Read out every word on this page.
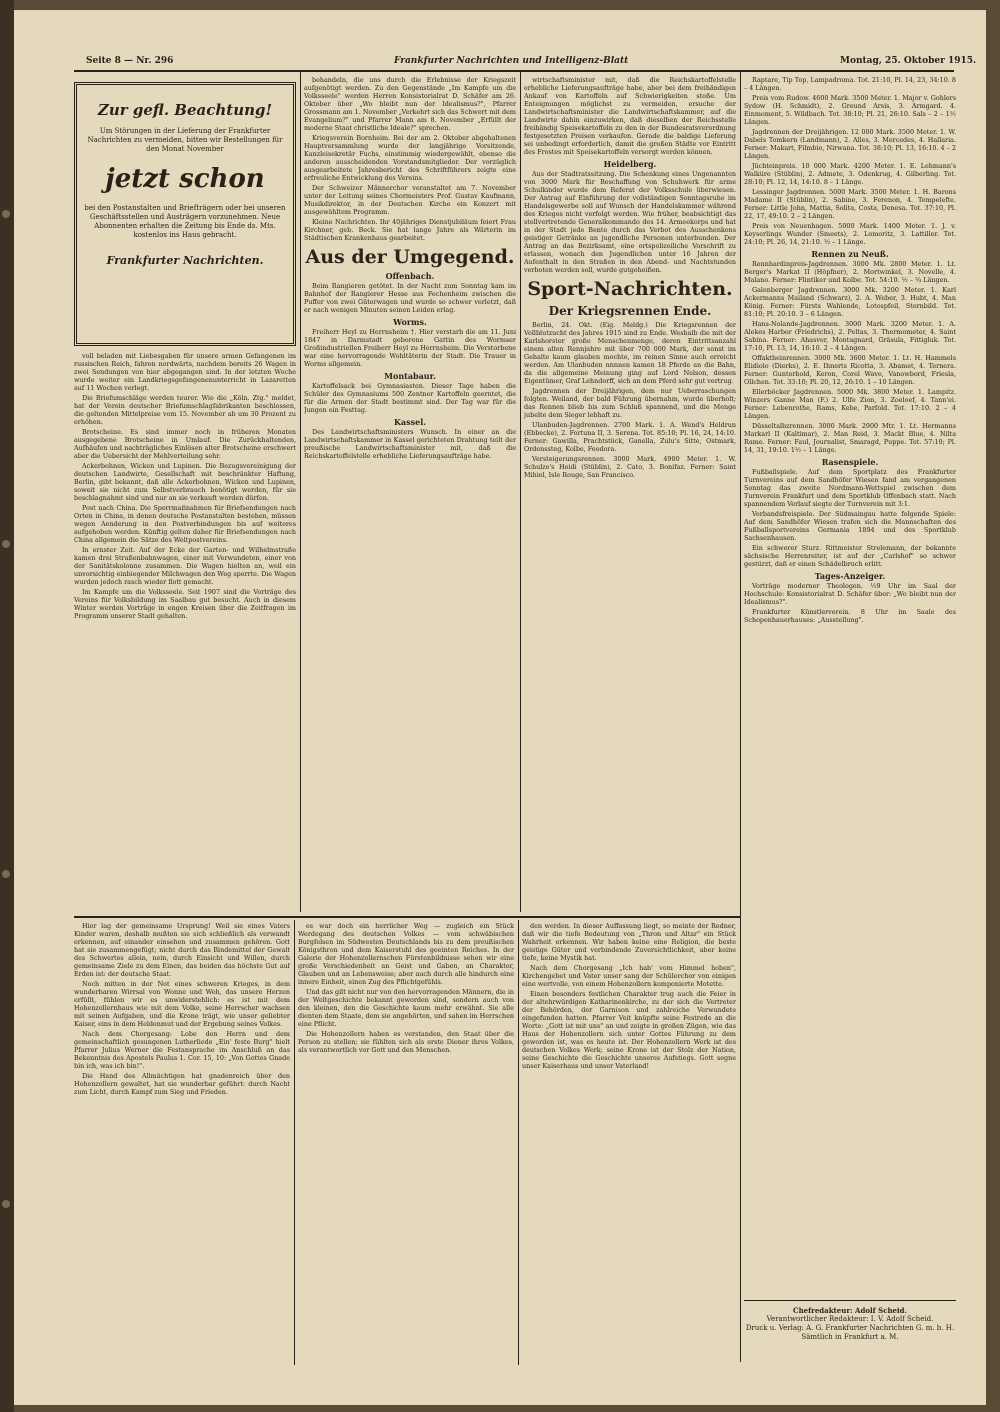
Seite 8 — Nr. 296	Frankfurter Nachrichten und Intelligenz-Blatt	Montag, 25. Oktober 1915.
Zur gefl. Beachtung!
Um Störungen in der Lieferung der Frankfurter Nachrichten zu vermeiden, bitten wir Bestellungen für den Monat November
jetzt schon
bei den Postanstalten und Briefträgern oder bei unseren Geschäftsstellen und Austrägern vorzunehmen. Neue Abonnenten erhalten die Zeitung bis Ende ds. Mts. kostenlos ins Haus gebracht.
Frankfurter Nachrichten.

voll beladen mit Liebesgaben für unsere armen Gefangenen im russischen Reich, fahren nordwärts, nachdem bereits 26 Wagen in zwei Sendungen von hier abgegangen sind. In der letzten Woche wurde weiter ein Landkriegsgefangenenunterricht in Lazaretten auf 11 Wochen verlegt.

Die Briefumschläge werden teurer. Wie die „Köln. Ztg." meldet, hat der Verein deutscher Briefumschlagfabrikanten beschlossen, die geltenden Mittelpreise vom 15. November ab um 30 Prozent zu erhöhen.

Brotscheine. Es sind immer noch in früheren Monaten ausgegebene Brotscheine in Umlauf. Die Zurückhaltenden, Aufhäufen und nachträgliches Einlösen alter Brotscheine erschwert aber die Uebersicht der Mehlverteilung sehr.

Ackerbohnen, Wicken und Lupinen. Die Bezugsvereinigung der deutschen Landwirte, Gesellschaft mit beschränkter Haftung, Berlin, gibt bekannt, daß alle Ackerbohnen, Wicken und Lupinen, soweit sie nicht zum Selbstverbrauch benötigt werden, für sie beschlagnahmt sind und nur an sie verkauft werden dürfen.

Post nach China. Die Sperrmaßnahmen für Briefsendungen nach Orten in China, in denen deutsche Postanstalten bestehen, müssen wegen Aenderung in den Postverbindungen bis auf weiteres aufgehoben werden. Künftig gelten daher für Briefsendungen nach China allgemein die Sätze des Weltpostvereins.

In ernster Zeit. Auf der Ecke der Garten- und Wilhelmstraße kamen drei Straßenbahnwagen, einer mit Verwundeten, einer von der Sanitätskolonne zusammen. Die Wagen hielten an, weil ein unvorsichtig einbiegender Milchwagen den Weg sperrte. Die Wagen wurden jedoch rasch wieder flott gemacht.

Im Kampfe um die Volksseele. Seit 1907 sind die Vorträge des Vereins für Volksbildung im Saalbau gut besucht. Auch in diesem Winter werden Vorträge in engen Kreisen über die Zeitfragen im Programm unserer Stadt gehalten.

behandeln, die uns durch die Erlebnisse der Kriegszeit aufgenötigt werden. Zu den Gegenstände „Im Kampfe um die Volksseele" werden Herren Konsistorialrat D. Schäfer am 26. Oktober über „Wo bleibt nun der Idealismus?", Pfarrer Grossmann am 1. November „Verkehrt sich das Schwert mit dem Evangelium?" und Pfarrer Mann am 8. November „Erfüllt der moderne Staat christliche Ideale?" sprechen.

Kriegsverein Bornheim. Bei der am 2. Oktober abgehaltenen Hauptversammlung wurde der langjährige Vorsitzende, Kanzleisekretär Fuchs, einstimmig wiedergewählt, ebenso die anderen ausscheidenden Vorstandsmitglieder. Der vorzüglich ausgearbeitete Jahresbericht des Schriftführers zeigte eine erfreuliche Entwicklung des Vereins.

Der Schweizer Männerchor veranstaltet am 7. November unter der Leitung seines Chormeisters Prof. Gustav Kaufmann, Musikdirektor, in der Deutschen Kirche ein Konzert mit ausgewähltem Programm.

Kleine Nachrichten. Ihr 40jähriges Dienstjubiläum feiert Frau Kirchner, geb. Beck. Sie hat lange Jahre als Wärterin im Städtischen Krankenhaus gearbeitet.

Aus der Umgegend.
Offenbach.

Beim Rangieren getötet. In der Nacht zum Sonntag kam im Bahnhof der Rangierer Hesse aus Fechenheim zwischen die Puffer von zwei Güterwagen und wurde so schwer verletzt, daß er nach wenigen Minuten seinen Leiden erlag.

Worms.

Freiherr Heyl zu Herrnsheim †. Hier verstarb die am 11. Juni 1847 in Darmstadt geborene Gattin des Wormser Großindustriellen Freiherr Heyl zu Herrnsheim. Die Verstorbene war eine hervorragende Wohltäterin der Stadt. Die Trauer in Worms allgemein.

Montabaur.

Kartoffelsack bei Gymnasiasten. Dieser Tage haben die Schüler des Gymnasiums 500 Zentner Kartoffeln geerntet, die für die Armen der Stadt bestimmt sind. Der Tag war für die Jungen ein Festtag.

Kassel.

Des Landwirtschaftsministers Wunsch. In einer an die Landwirtschaftskammer in Kassel gerichteten Drahtung teilt der preußische Landwirtschaftsminister mit, daß die Reichskartoffelstelle erhebliche Lieferungsaufträge habe.

wirtschaftsminister mit, daß die Reichskartoffelstelle erhebliche Lieferungsaufträge habe, aber bei dem freihändigen Ankauf von Kartoffeln auf Schwierigkeiten stoße. Um Enteignungen möglichst zu vermeiden, ersuche der Landwirtschaftsminister die Landwirtschaftskammer, auf die Landwirte dahin einzuwirken, daß dieselben der Reichsstelle freihändig Speisekartoffeln zu den in der Bundesratsverordnung festgesetzten Preisen verkaufen. Gerade die baldige Lieferung sei unbedingt erforderlich, damit die großen Städte vor Eintritt des Frostes mit Speisekartoffeln versorgt werden können.

Heidelberg.

Aus der Stadtratssitzung. Die Schenkung eines Ungenannten von 3000 Mark für Beschaffung von Schuhwerk für arme Schulkinder wurde dem Referat der Volksschule überwiesen. Der Antrag auf Einführung der vollständigen Sonntagsruhe im Handelsgewerbe soll auf Wunsch der Handelskammer während des Krieges nicht verfolgt werden. Wie früher, beabsichtigt das stellvertretende Generalkommando des 14. Armeekorps und hat in der Stadt jede Bente durch das Verbot des Ausschenkens geistiger Getränke an jugendliche Personen unterbunden. Der Antrag an das Bezirksamt, eine ortspolizeiliche Vorschrift zu erlassen, wonach den Jugendlichen unter 16 Jahren der Aufenthalt in den Straßen in den Abend- und Nachtstunden verboten werden soll, wurde gutgeheißen.

Sport-Nachrichten.
Der Kriegsrennen Ende.

Berlin, 24. Okt. (Eig. Meldg.) Die Kriegsrennen der Vollblutzucht des Jahres 1915 sind zu Ende. Weshalb die mit der Karlshorster große Menschenmenge, deren Eintrittsanzahl einem alten Rennjahre mit über 700 000 Mark, der sonst im Gehalte kaum glauben mochte, im reinen Sinne auch erreicht werden. Am Ulanbuden nnnnen kamen 18 Pferde an die Bahn, da die allgemeine Meinung ging auf Lord Nelson, dessen Eigentümer, Graf Lehndorff, sich an dem Pferd sehr gut vertrug.

Jagdrennen der Dreijährigen, dem nur Ueberraschungen folgten. Weiland, der bald Führung übernahm, wurde überholt; das Rennen blieb bis zum Schluß spannend, und die Menge jubelte dem Sieger lebhaft zu.

Ulanbuden-Jagdrennen. 2700 Mark. 1. A. Wend's Heldrun (Ebbecke), 2. Fortuna II, 3. Serena. Tot. 85:10; Pl. 16, 24, 14:10. Ferner: Gawilla, Prachtstück, Ganella, Zulu's Sitte, Ostmark, Ordenssteg, Kolbe, Feodora.

Versteigerungsrennen. 3000 Mark. 4900 Meter. 1. W. Schulze's Heidi (Stüblin), 2. Cato, 3. Bonifaz. Ferner: Saint Mihiel, Isle Rouge, San Francisco.

Raptare, Tip Top, Lampadroma. Tot. 21:10, Pl. 14, 23, 34:10. 8 – 4 Längen.

Preis vom Rudow. 4600 Mark. 3500 Meter. 1. Major v. Gohlers Sydow (H. Schmidt), 2. Greund Arsis, 3. Armgard. 4. Einmoment, 5. Wildbach. Tot. 38:10; Pl. 21, 26:10. Sals – 2 – 1½ Längen.

Jagdrennen der Dreijährigen. 12 000 Mark. 3500 Meter. 1. W. Dabels Tomkern (Landmann), 2. Alles, 3. Mercedes, 4. Hallaria. Ferner: Makart, Filmbio, Nirwana. Tot. 38:10; Pl. 13, 16:10. 4 – 2 Längen.

Jüchteinpreis. 10 000 Mark. 4200 Meter. 1. E. Lehmann's Walküre (Stüblin), 2. Admete, 3. Odenkrug, 4. Gilberling. Tot. 28:10; Pl. 12, 14, 14:10. 8 – 1 Länge.

Lessinger Jagdrennen. 5000 Mark. 3500 Meter. 1. H. Barons Madame II (Stüblin), 2. Sabine, 3. Ferenon, 4. Tempelefte. Ferner: Little John, Mattia, Solita, Costa, Denesa. Tot. 37:10, Pl. 22, 17, 49:10. 2 – 2 Längen.

Preis von Neuenhagen. 5000 Mark. 1400 Meter. 1. J. v. Keyserlings Wunder (Smeets), 2. Lomoritz, 3. Lattiller. Tot. 24:10; Pl. 26, 14, 21:10. ½ – 1 Länge.

Rennen zu Neuß.

Rennhardinpreis-Jagdrennen. 3000 Mk. 2800 Meter. 1. Lt. Berger's Markat II (Höpfner), 2. Mortwinkel, 3. Novelle, 4. Malano. Ferner: Flintiker und Kolbe. Tot. 54:10. ½ – ¾ Längen.

Galenberger Jagdrennen. 3000 Mk. 3200 Meter. 1. Karl Ackermanns Mailand (Schwarz), 2. A. Weber, 3. Hubt, 4. Man König. Ferner: Fürsts Wahlende, Lotospfeil, Sternbild. Tot. 81:10; Pl. 20:10. 3 – 6 Längen.

Hans-Nolande-Jagdrennen. 3000 Mark. 3200 Meter. 1. A. Alekes Harbor (Friedrichs), 2. Peltas, 3. Thermometer, 4. Saint Sabina. Ferner: Ahasver, Montagnard, Gräsula, Fittigluk. Tot. 17:10, Pl. 13, 14, 16:10. 2 – 4 Längen.

Offaktheinrennen. 3000 Mk. 3600 Meter. 1. Lt. H. Hammels Elidiolo (Dierks), 2. E. Ihnerts Ricotta, 3. Abamet, 4. Ternera. Ferner: Gunterbold, Keron, Corel Wave, Vanowbord, Friesla, Ollchen. Tot. 33:10; Pl. 20, 12, 26:10. 1 – 10 Längen.

Ellerböcker Jagdrennen. 5000 Mk. 3800 Meter. 1. Lampitz. Winzers Ganne Man (F.) 2. Ulfe Zion, 3. Zoeloef, 4. Tann'ei. Ferner: Lebenrothe, Rams, Kebe, Parfold. Tot. 17:10. 2 – 4 Längen.

Düsseltalbzrennen. 3000 Mark. 2900 Mtr. 1. Lt. Hermanns Markarl II (Kaltimar), 2. Man Reid, 3. Mackt Blue, 4. Nilta Rame. Ferner: Faul, Journalist, Smaragd, Puppe. Tot. 57:10; Pl. 14, 31, 19:10. 1½ – 1 Länge.

Rasenspiele.

Fußballspiele. Auf dem Sportplatz des Frankfurter Turnvereins auf dem Sandhöfer Wiesen fand am vergangenen Sonntag das zweite Nordmann-Wettspiel zwischen dem Turnverein Frankfurt und dem Sportklub Offenbach statt. Nach spannendem Verlauf siegte der Turnverein mit 3:1.

Verbandsfreispiele. Der Südmaingau hatte folgende Spiele: Auf dem Sandhöfer Wiesen trafen sich die Mannschaften des Fußballsportvereins Germania 1894 und des Sportklub Sachsenhausen.

Ein schwerer Sturz. Rittmeister Strelemann, der bekannte sächsische Herrenreiter, ist auf der „Carlshof" so schwer gestürzt, daß er einen Schädelbruch erlitt.

Tages-Anzeiger.

Vorträge moderner Theologen. ½9 Uhr im Saal der Hochschule: Konsistorialrat D. Schäfer über: „Wo bleibt nun der Idealismus?".

Frankfurter Künstlerverein. 8 Uhr im Saale des Schopenhauerhauses: „Ausstellung".

Hier lag der gemeinsame Ursprung! Weil sie eines Vaters Kinder waren, deshalb mußten sie sich schließlich als verwandt erkennen, auf einander einsehen und zusammen gehören. Gott hat sie zusammengefügt; nicht durch das Bindemittel der Gewalt des Schwertes allein, nein, durch Einsicht und Willen, durch gemeinsame Ziele zu dem Einen, das beiden das höchste Gut auf Erden ist: der deutsche Staat.

Noch mitten in der Not eines schweren Krieges, in dem wunderbaren Wirrsal von Wonne und Weh, das unsere Herzen erfüllt, fühlen wir es unwiderstehlich: es ist mit dem Hohenzollernhaus wie mit dem Volke, seine Herrscher wachsen mit seinen Aufgaben, und die Krone trägt, wie unser geliebter Kaiser, eins in dem Heldenmut und der Ergebung seines Volkes.

Nach dem Chorgesang: Lobe den Herrn und dem gemeinschaftlich gesungenen Lutherliede „Ein' feste Burg" hielt Pfarrer Julius Werner die Festansprache im Anschluß an das Bekenntnis des Apostels Paulus 1. Cor. 15, 10: „Von Gottes Gnade bin ich, was ich bin!".

Die Hand des Allmächtigen hat gnadenreich über den Hohenzollern gewaltet, hat sie wunderbar geführt: durch Nacht zum Licht, durch Kampf zum Sieg und Frieden.

es war doch ein herrlicher Weg — zugleich ein Stück Werdegang des deutschen Volkes — vom schwäbischen Burgfelsen im Südwesten Deutschlands bis zu dem preußischen Königsthron und dem Kaiserstuhl des geeinten Reiches. In der Galerie der Hohenzollernschen Fürstenbildnisse sehen wir eine große Verschiedenheit an Geist und Gaben, an Charakter, Glauben und an Lebensweise; aber auch durch alle hindurch eine innere Einheit, einen Zug des Pflichtgefühls.

Und das gilt nicht nur von den hervorragenden Männern, die in der Weltgeschichte bekannt geworden sind, sondern auch von den kleinen, den die Geschichte kaum mehr erwähnt. Sie alle dienten dem Staate, dem sie angehörten, und sahen im Herrschen eine Pflicht.

Die Hohenzollern haben es verstanden, den Staat über die Person zu stellen; sie fühlten sich als erste Diener ihres Volkes, als verantwortlich vor Gott und den Menschen.

den werden. In dieser Auffassung liegt, so meinte der Redner, daß wir die tiefe Bedeutung von „Thron und Altar" ein Stück Wahrheit erkennen. Wir haben keine eine Religion, die beste geistige Güter und verbindende Zuversichtlichkeit, aber keine tiefe, keine Mystik hat.

Nach dem Chorgesang „Ich hab' vom Himmel hoben", Kirchengebet und Vater unser sang der Schülerchor von einigen eine wertvolle, von einem Hohenzollern komponierte Motette.

Einen besonders festlichen Charakter trug auch die Feier in der altehrwürdigen Katharinenkirche, zu der sich die Vertreter der Behörden, der Garnison und zahlreiche Verwundete eingefunden hatten. Pfarrer Veit knüpfte seine Festrede an die Worte: „Gott ist mit uns" an und zeigte in großen Zügen, wie das Haus der Hohenzollern sich unter Gottes Führung zu dem geworden ist, was es heute ist. Der Hohenzollern Werk ist des deutschen Volkes Werk; seine Krone ist der Stolz der Nation, seine Geschichte die Geschichte unseres Aufstiegs. Gott segne unser Kaiserhaus und unser Vaterland!

Chefredakteur: Adolf Scheid.
Verantwortlicher Redakteur: I. V. Adolf Scheid.
Druck u. Verlag: A. G. Frankfurter Nachrichten G. m. b. H.
Sämtlich in Frankfurt a. M.
